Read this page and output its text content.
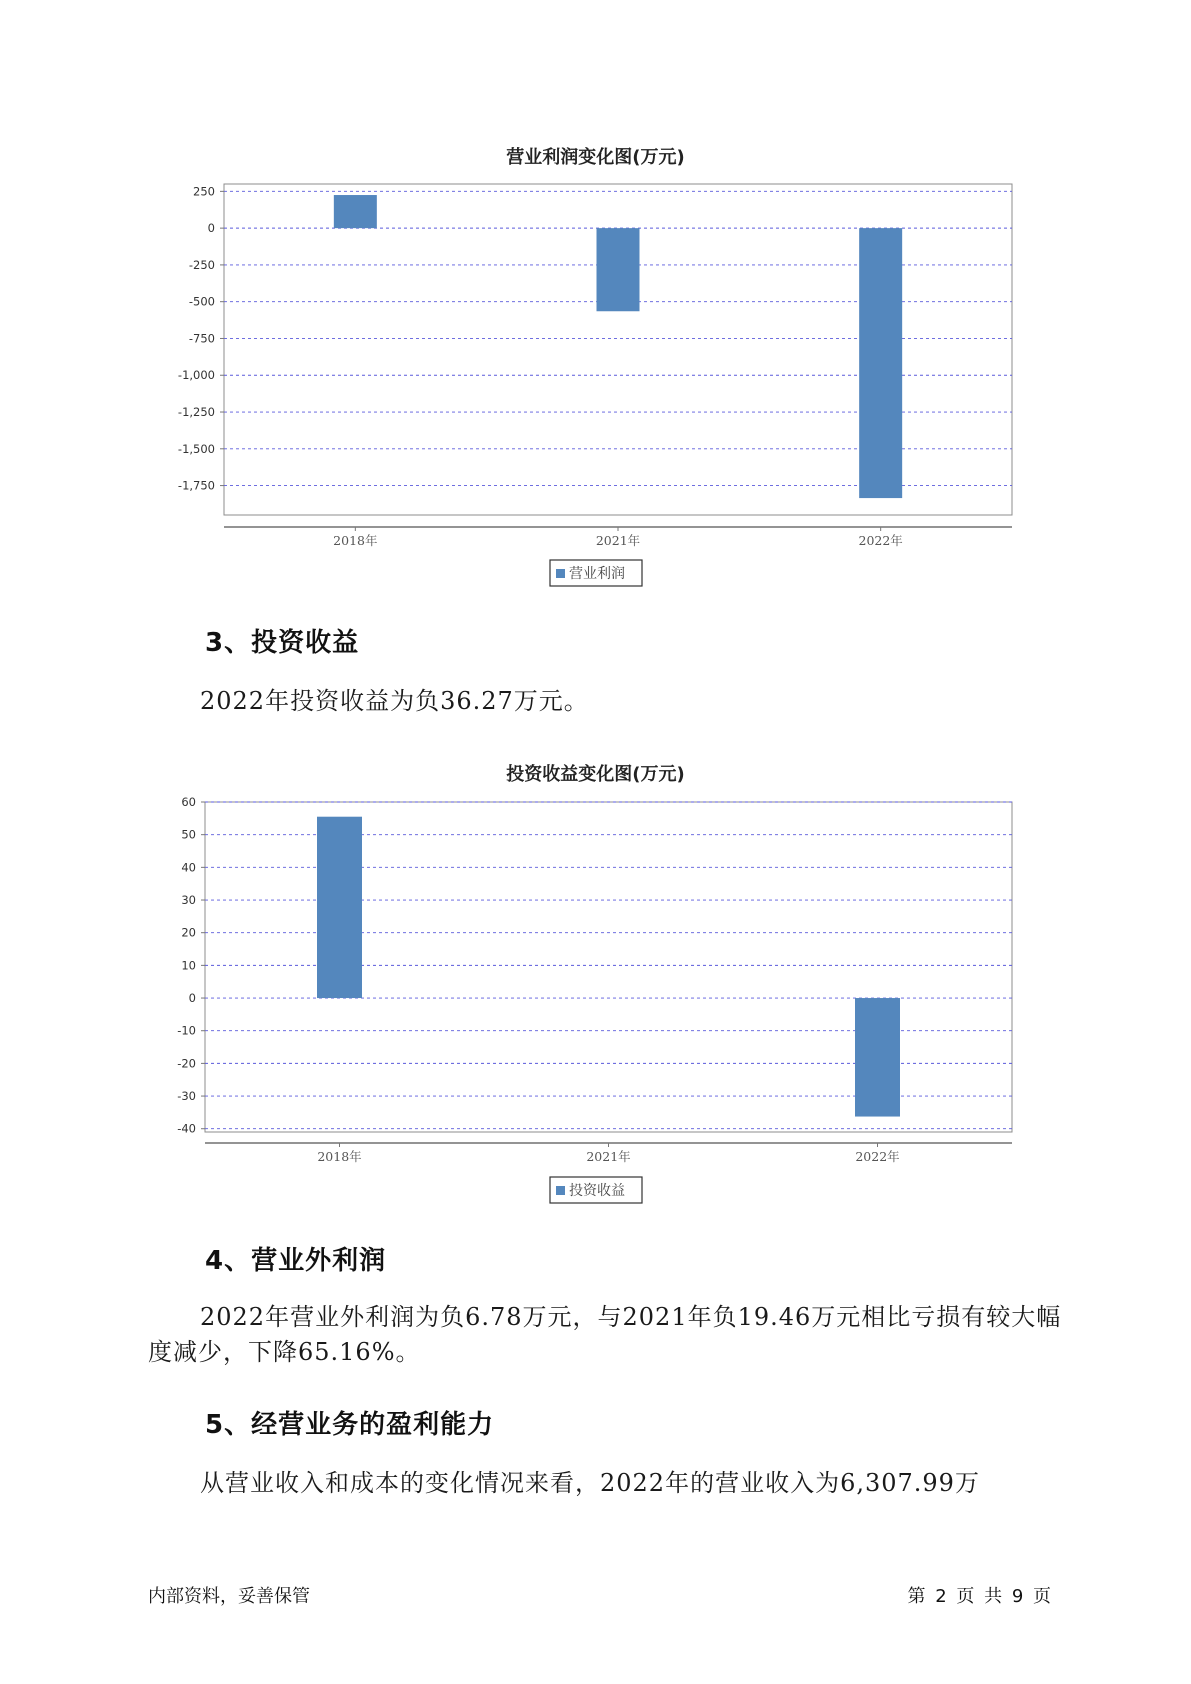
营业利润变化图(万元)
250
0
-250
-500
-750
-1,000
-1,250
-1,500
-1,750
2018年	2021年	2022年
营业利润
3、投资收益

2022年投资收益为负36.27万元。

投资收益变化图(万元)
60
50
40
30
20
10
0
-10
-20
-30
-40
2018年	2021年	2022年
投资收益
4、营业外利润

2022年营业外利润为负6.78万元，与2021年负19.46万元相比亏损有较大幅度减少，下降65.16%。

5、经营业务的盈利能力

从营业收入和成本的变化情况来看，2022年的营业收入为6,307.99万

内部资料，妥善保管	第 2 页 共 9 页
